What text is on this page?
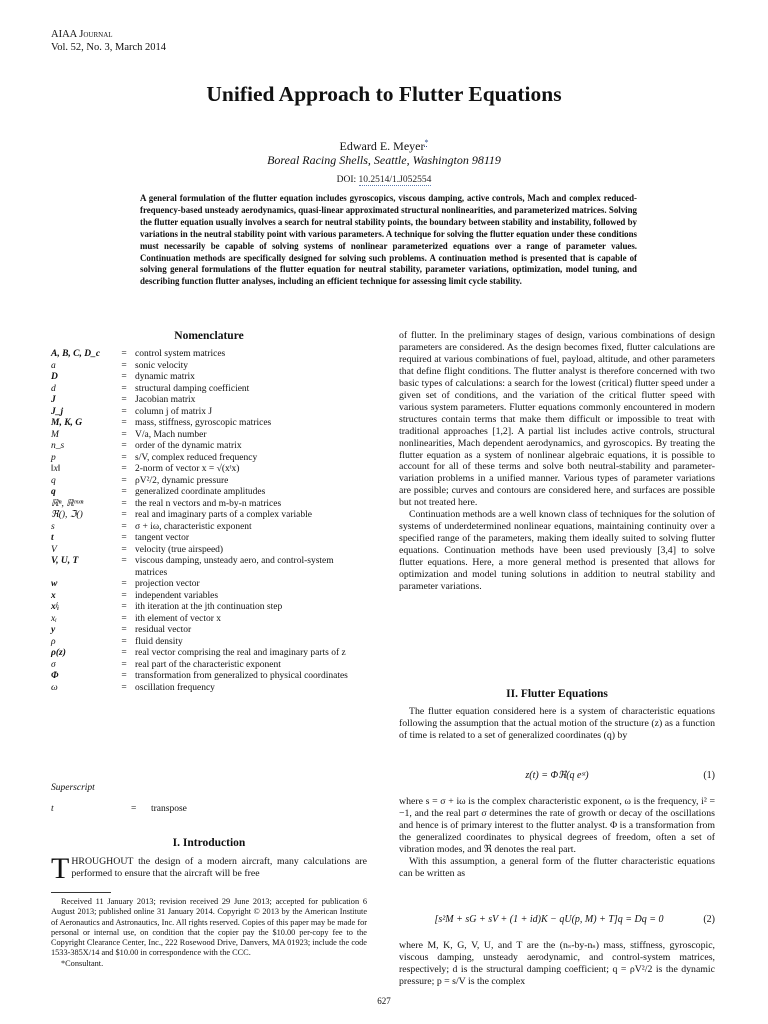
AIAA Journal
Vol. 52, No. 3, March 2014
Unified Approach to Flutter Equations
Edward E. Meyer*
Boreal Racing Shells, Seattle, Washington 98119
DOI: 10.2514/1.J052554
A general formulation of the flutter equation includes gyroscopics, viscous damping, active controls, Mach and complex reduced-frequency-based unsteady aerodynamics, quasi-linear approximated structural nonlinearities, and parameterized matrices. Solving the flutter equation usually involves a search for neutral stability points, the boundary between stability and instability, followed by variations in the neutral stability point with various parameters. A technique for solving the flutter equation under these conditions must necessarily be capable of solving systems of nonlinear parameterized equations over a range of parameter values. Continuation methods are specifically designed for solving such problems. A continuation method is presented that is capable of solving general formulations of the flutter equation for neutral stability, parameter variations, optimization, model tuning, and describing function flutter analyses, including an efficient technique for assessing limit cycle stability.
Nomenclature
A, B, C, D_c	=	control system matrices
a	=	sonic velocity
D	=	dynamic matrix
d	=	structural damping coefficient
J	=	Jacobian matrix
J_j	=	column j of matrix J
M, K, G	=	mass, stiffness, gyroscopic matrices
M	=	V/a, Mach number
n_s	=	order of the dynamic matrix
p	=	s/V, complex reduced frequency
‖x‖	=	2-norm of vector x = √(xᵗx)
q	=	ρV²/2, dynamic pressure
q	=	generalized coordinate amplitudes
ℝⁿ, ℝᵐˣⁿ	=	the real n vectors and m-by-n matrices
ℜ(), ℑ()	=	real and imaginary parts of a complex variable
s	=	σ + iω, characteristic exponent
t	=	tangent vector
V	=	velocity (true airspeed)
V, U, T	=	viscous damping, unsteady aero, and control-system matrices
w	=	projection vector
x	=	independent variables
xʲᵢ	=	ith iteration at the jth continuation step
xᵢ	=	ith element of vector x
y	=	residual vector
ρ	=	fluid density
ρ(z)	=	real vector comprising the real and imaginary parts of z
σ	=	real part of the characteristic exponent
Φ	=	transformation from generalized to physical coordinates
ω	=	oscillation frequency
Superscript
t	= transpose
I. Introduction
THROUGHOUT the design of a modern aircraft, many calculations are performed to ensure that the aircraft will be free

Received 11 January 2013; revision received 29 June 2013; accepted for publication 6 August 2013; published online 31 January 2014. Copyright © 2013 by the American Institute of Aeronautics and Astronautics, Inc. All rights reserved. Copies of this paper may be made for personal or internal use, on condition that the copier pay the $10.00 per-copy fee to the Copyright Clearance Center, Inc., 222 Rosewood Drive, Danvers, MA 01923; include the code 1533-385X/14 and $10.00 in correspondence with the CCC.

*Consultant.

of flutter. In the preliminary stages of design, various combinations of design parameters are considered. As the design becomes fixed, flutter calculations are required at various combinations of fuel, payload, altitude, and other parameters that define flight conditions. The flutter analyst is therefore concerned with two basic types of calculations: a search for the lowest (critical) flutter speed under a given set of conditions, and the variation of the critical flutter speed with various system parameters. Flutter equations commonly encountered in modern structures contain terms that make them difficult or impossible to treat with traditional approaches [1,2]. A partial list includes active controls, structural nonlinearities, Mach dependent aerodynamics, and gyroscopics. By treating the flutter equation as a system of nonlinear algebraic equations, it is possible to account for all of these terms and solve both neutral-stability and parameter-variation problems in a unified manner. Various types of parameter variations are possible; curves and contours are considered here, and surfaces are possible but not treated here.

Continuation methods are a well known class of techniques for the solution of systems of underdetermined nonlinear equations, maintaining continuity over a specified range of the parameters, making them ideally suited to solving flutter equations. Continuation methods have been used previously [3,4] to solve flutter equations. Here, a more general method is presented that allows for optimization and model tuning solutions in addition to neutral stability and parameter variations.

II. Flutter Equations

The flutter equation considered here is a system of characteristic equations following the assumption that the actual motion of the structure (z) as a function of time is related to a set of generalized coordinates (q) by

z(t) = Φℜ(q eˢᵗ)	(1)

where s = σ + iω is the complex characteristic exponent, ω is the frequency, i² = −1, and the real part σ determines the rate of growth or decay of the oscillations and hence is of primary interest to the flutter analyst. Φ is a transformation from the generalized coordinates to physical degrees of freedom, often a set of vibration modes, and ℜ denotes the real part.

With this assumption, a general form of the flutter characteristic equations can be written as

[s²M + sG + sV + (1 + id)K − qU(p, M) + T]q = Dq = 0	(2)

where M, K, G, V, U, and T are the (nₛ-by-nₛ) mass, stiffness, gyroscopic, viscous damping, unsteady aerodynamic, and control-system matrices, respectively; d is the structural damping coefficient; q = ρV²/2 is the dynamic pressure; p = s/V is the complex

627
